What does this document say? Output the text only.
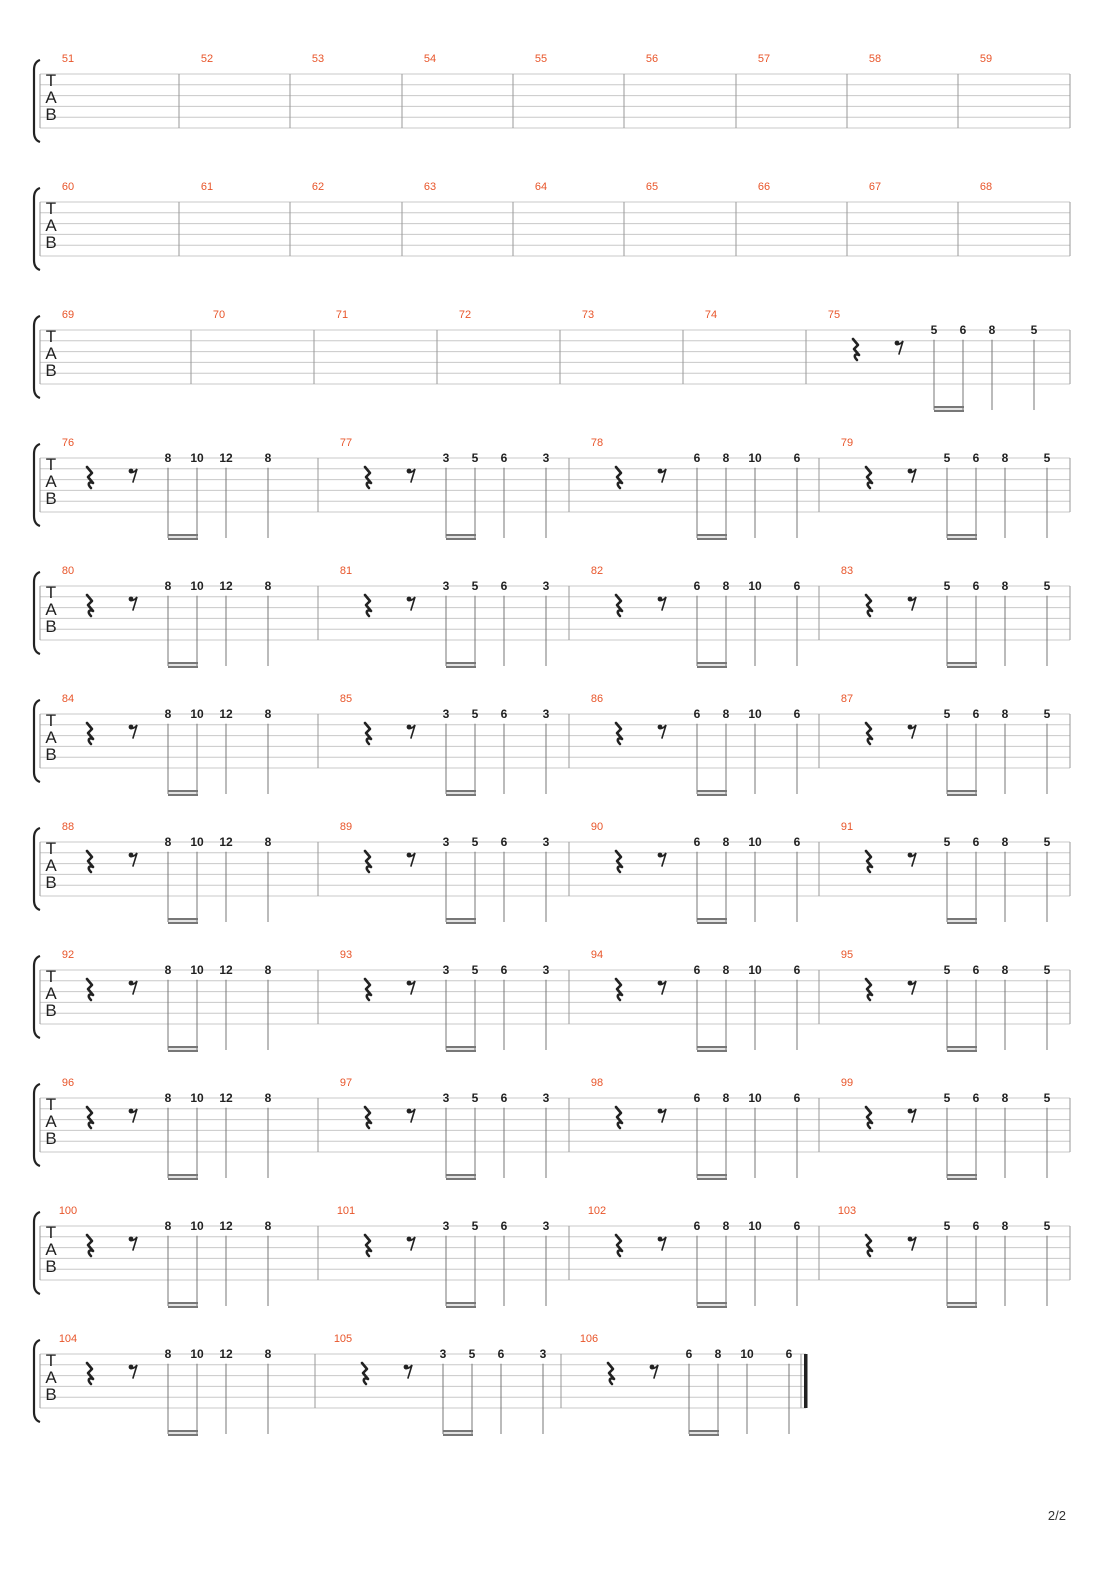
T
A
B
51	52	53	54	55	56	57	58	59
T
A
B
60	61	62	63	64	65	66	67	68
T
A
B
69	70	71	72	73	74	75
5 6 8	5
T
A
B
76
8 10 12	8
77
3 5 6	3
78
6 8 10	6
79
5 6 8	5
T
A
B
80
8 10 12	8
81
3 5 6	3
82
6 8 10	6
83
5 6 8	5
T
A
B
84
8 10 12	8
85
3 5 6	3
86
6 8 10	6
87
5 6 8	5
T
A
B
88
8 10 12	8
89
3 5 6	3
90
6 8 10	6
91
5 6 8	5
T
A
B
92
8 10 12	8
93
3 5 6	3
94
6 8 10	6
95
5 6 8	5
T
A
B
96
8 10 12	8
97
3 5 6	3
98
6 8 10	6
99
5 6 8	5
T
A
B
100
8 10 12	8
101
3 5 6	3
102
6 8 10	6
103
5 6 8	5
T
A
B
104
8 10 12	8
105
3 5 6	3
106
6 8 10	6
2/2
